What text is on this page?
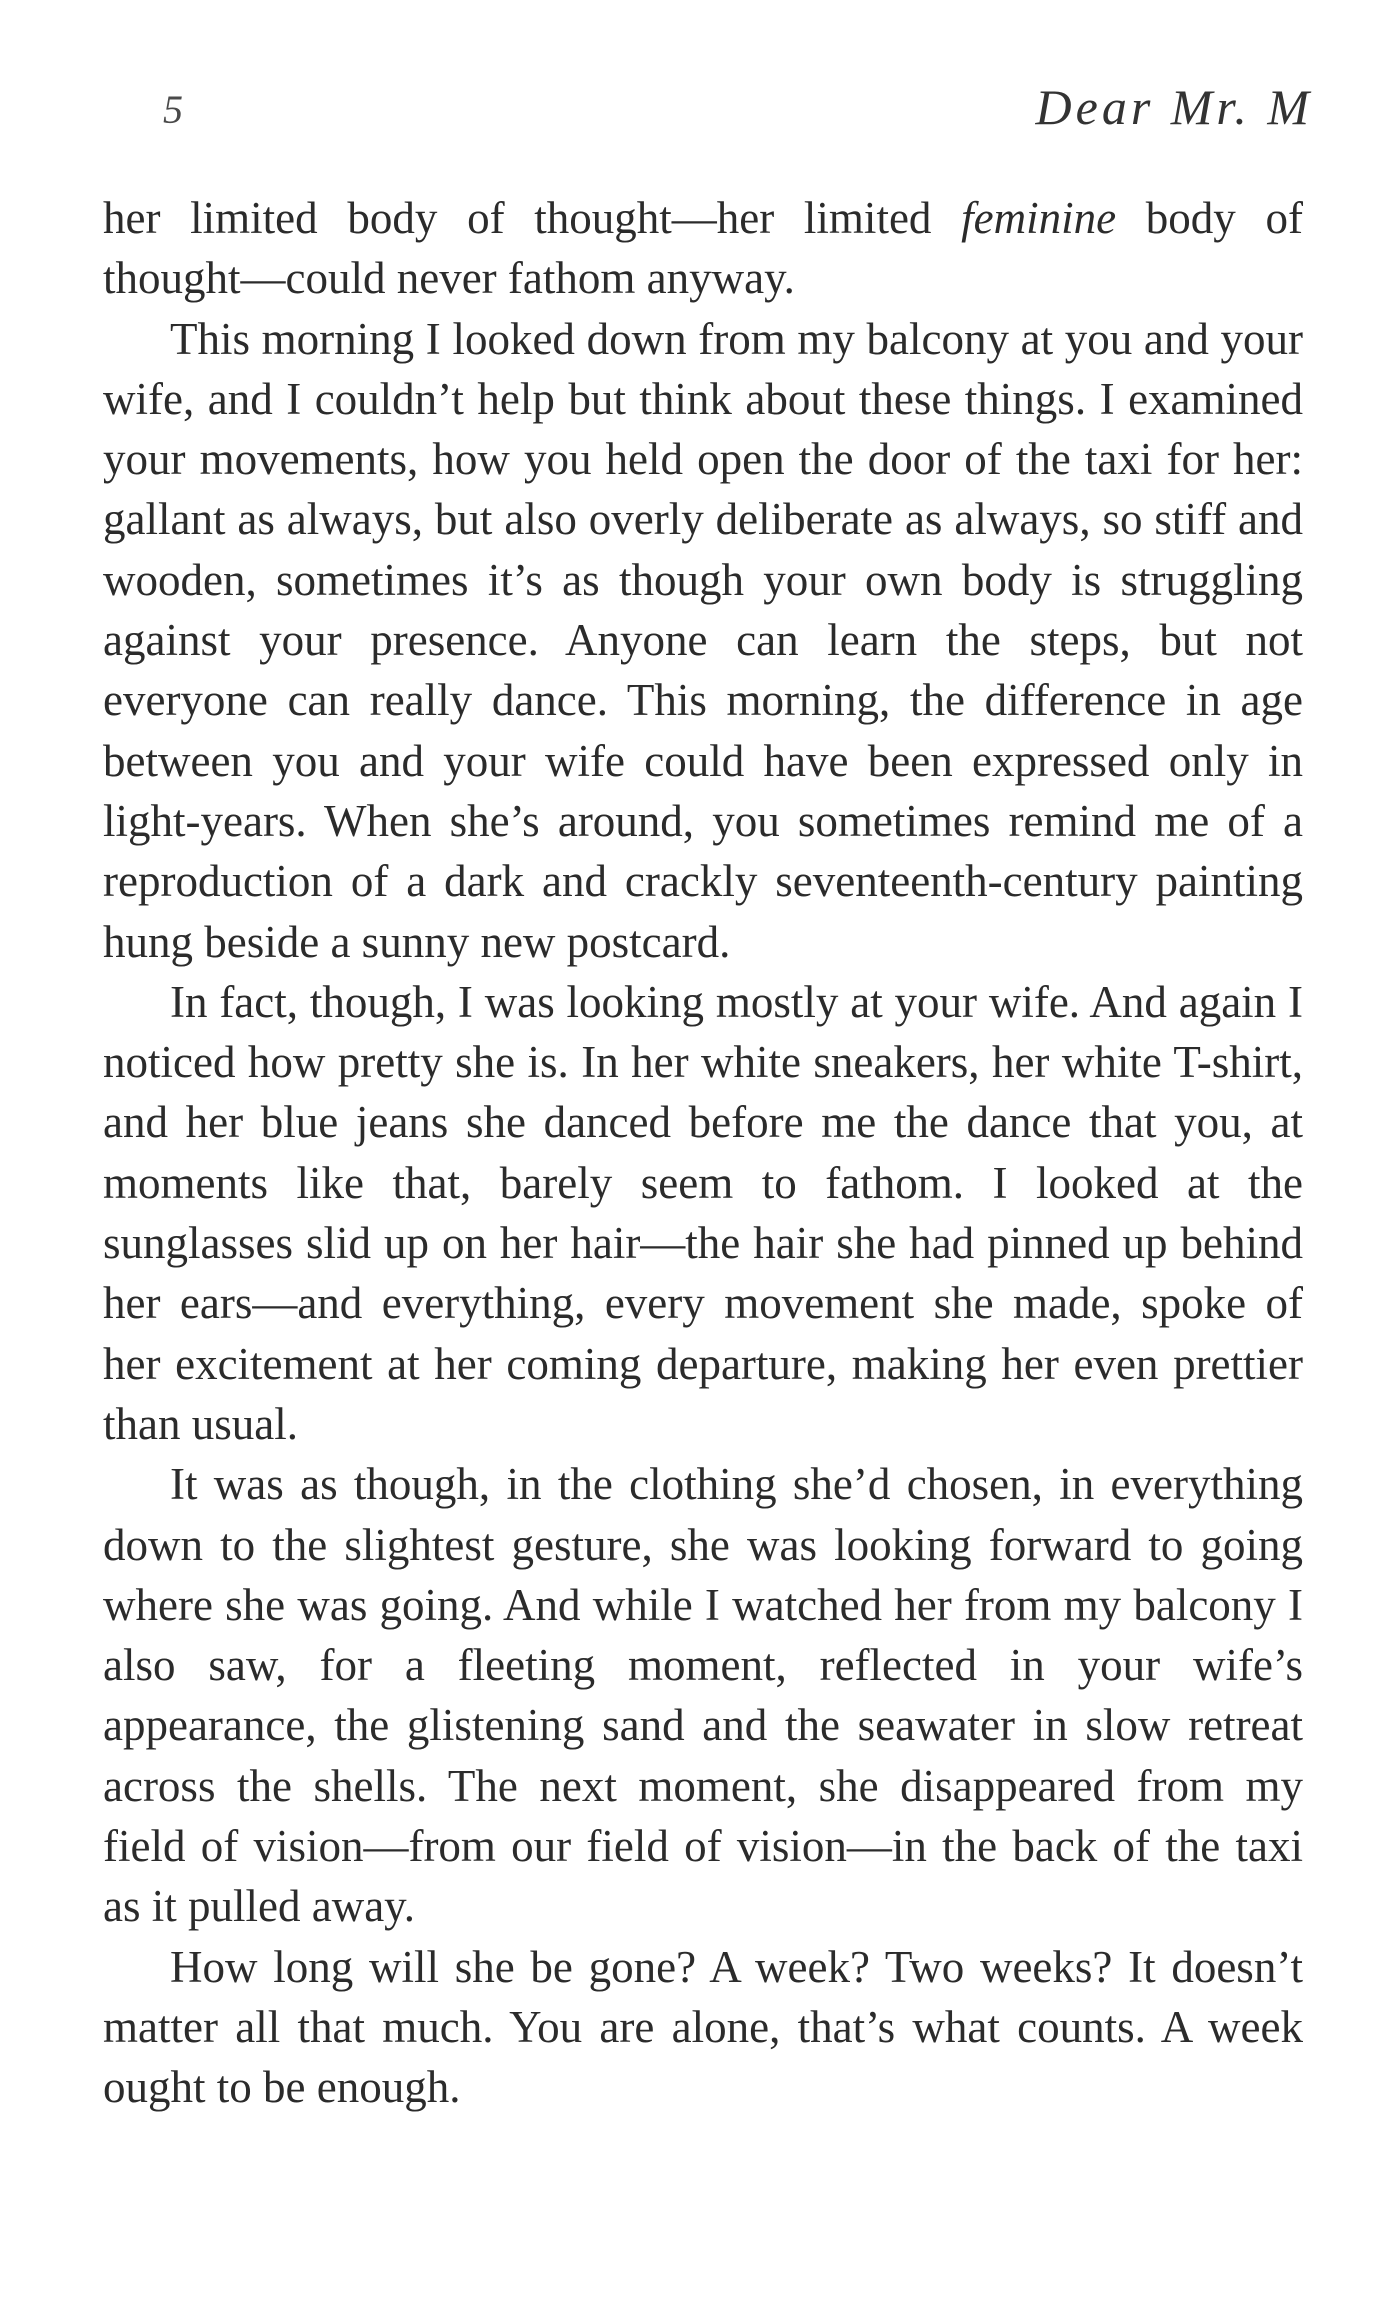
5	Dear Mr. M

her limited body of thought—her limited feminine body of thought—could never fathom anyway.

This morning I looked down from my balcony at you and your wife, and I couldn’t help but think about these things. I examined your movements, how you held open the door of the taxi for her: gallant as always, but also overly deliberate as always, so stiff and wooden, sometimes it’s as though your own body is struggling against your presence. Anyone can learn the steps, but not everyone can really dance. This morning, the difference in age between you and your wife could have been expressed only in light-years. When she’s around, you sometimes remind me of a reproduction of a dark and crackly seventeenth-century painting hung beside a sunny new postcard.

In fact, though, I was looking mostly at your wife. And again I noticed how pretty she is. In her white sneakers, her white T-shirt, and her blue jeans she danced before me the dance that you, at moments like that, barely seem to fathom. I looked at the sunglasses slid up on her hair—the hair she had pinned up behind her ears—and everything, every movement she made, spoke of her excitement at her coming departure, making her even prettier than usual.

It was as though, in the clothing she’d chosen, in everything down to the slightest gesture, she was looking forward to going where she was going. And while I watched her from my balcony I also saw, for a fleeting moment, reflected in your wife’s appearance, the glistening sand and the seawater in slow retreat across the shells. The next moment, she disappeared from my field of vision—from our field of vision—in the back of the taxi as it pulled away.

How long will she be gone? A week? Two weeks? It doesn’t matter all that much. You are alone, that’s what counts. A week ought to be enough.
